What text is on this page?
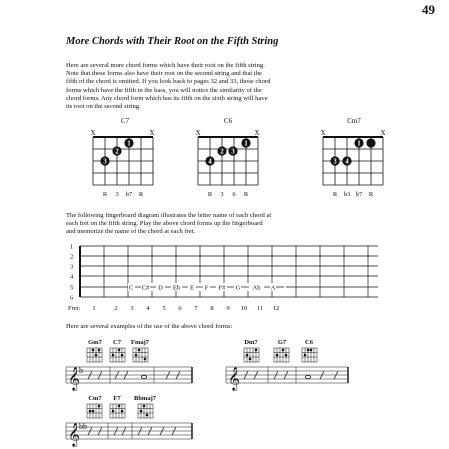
49
More Chords with Their Root on the Fifth String
Here are several more chord forms which have their root on the fifth string.
Note that these forms also have their root on the second string and that the
fifth of the chord is omitted. If you look back to pages 32 and 33, those chord
forms which have the fifth in the bass, you will notice the similarity of the
chord forms. Any chord form which has its fifth on the sixth string will have
its root on the second string.
C7
X	X
1
2
3
R 3 b7 R
C6
X	X
1
2 3
4
R 3 6 R
Cm7
X	X
1
3 4
R b3 b7 R
1
2
3
4
5
6
Fret: 1	2 3 4 5 6 7 8 9 10 11 12
C C# D Eb E F F# G Ab A
Gm7 C7 Fmaj7
𝄞 b
Dm7	G7	C6
𝄞
Cm7 F7 Bbmaj7
𝄞 bb
The following fingerboard diagram illustrates the letter name of each chord at
each fret on the fifth string. Play the above chord forms up the fingerboard
and memorize the name of the chord at each fret.
Here are several examples of the use of the above chord forms:
